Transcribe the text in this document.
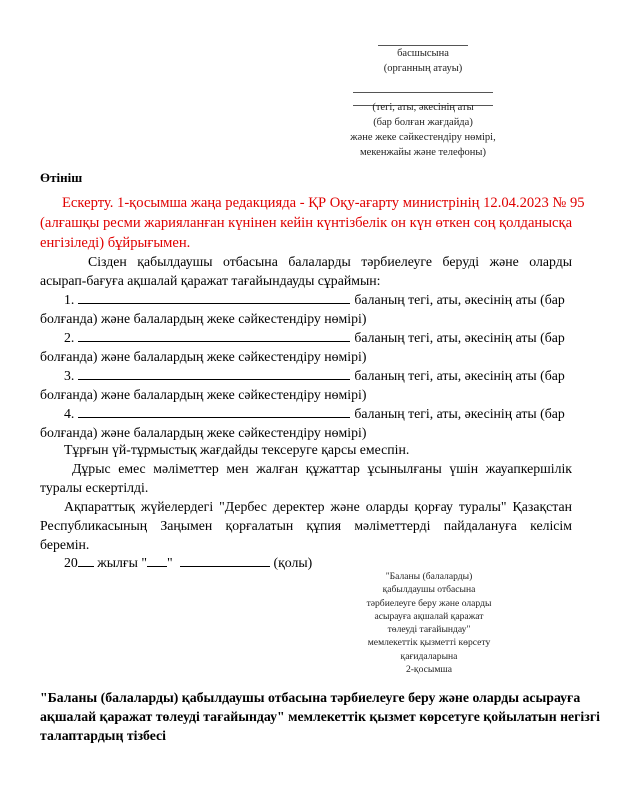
басшысына
(органның атауы)
(тегі, аты, әкесінің аты
(бар болған жағдайда)
және жеке сәйкестендіру нөмірі,
мекенжайы және телефоны)
Өтініш
Ескерту. 1-қосымша жаңа редакцияда - ҚР Оқу-ағарту министрінің 12.04.2023 № 95
(алғашқы ресми жарияланған күнінен кейін күнтізбелік он күн өткен соң қолданысқа
енгізіледі) бұйрығымен.
Сізден қабылдаушы отбасына балаларды тәрбиелеуге беруді және оларды
асырап-бағуға ақшалай қаражат тағайындауды сұраймын:
1.	баланың тегі, аты, әкесінің аты (бар
болғанда) және балалардың жеке сәйкестендіру нөмірі)
2.	баланың тегі, аты, әкесінің аты (бар
болғанда) және балалардың жеке сәйкестендіру нөмірі)
3.	баланың тегі, аты, әкесінің аты (бар
болғанда) және балалардың жеке сәйкестендіру нөмірі)
4.	баланың тегі, аты, әкесінің аты (бар
болғанда) және балалардың жеке сәйкестендіру нөмірі)
Тұрғын үй-тұрмыстық жағдайды тексеруге қарсы емеспін.
Дұрыс емес мәліметтер мен жалған құжаттар ұсынылғаны үшін жауапкершілік
туралы ескертілді.
Ақпараттық жүйелердегі "Дербес деректер және оларды қорғау туралы" Қазақстан
Республикасының Заңымен қорғалатын құпия мәліметтерді пайдалануға келісім
беремін.
20 жылғы " "	(қолы)
"Баланы (балаларды)
қабылдаушы отбасына
тәрбиелеуге беру және оларды
асырауға ақшалай қаражат
төлеуді тағайындау"
мемлекеттік қызметті көрсету
қағидаларына
2-қосымша
"Баланы (балаларды) қабылдаушы отбасына тәрбиелеуге беру және оларды асырауға
ақшалай қаражат төлеуді тағайындау" мемлекеттік қызмет көрсетуге қойылатын негізгі
талаптардың тізбесі
